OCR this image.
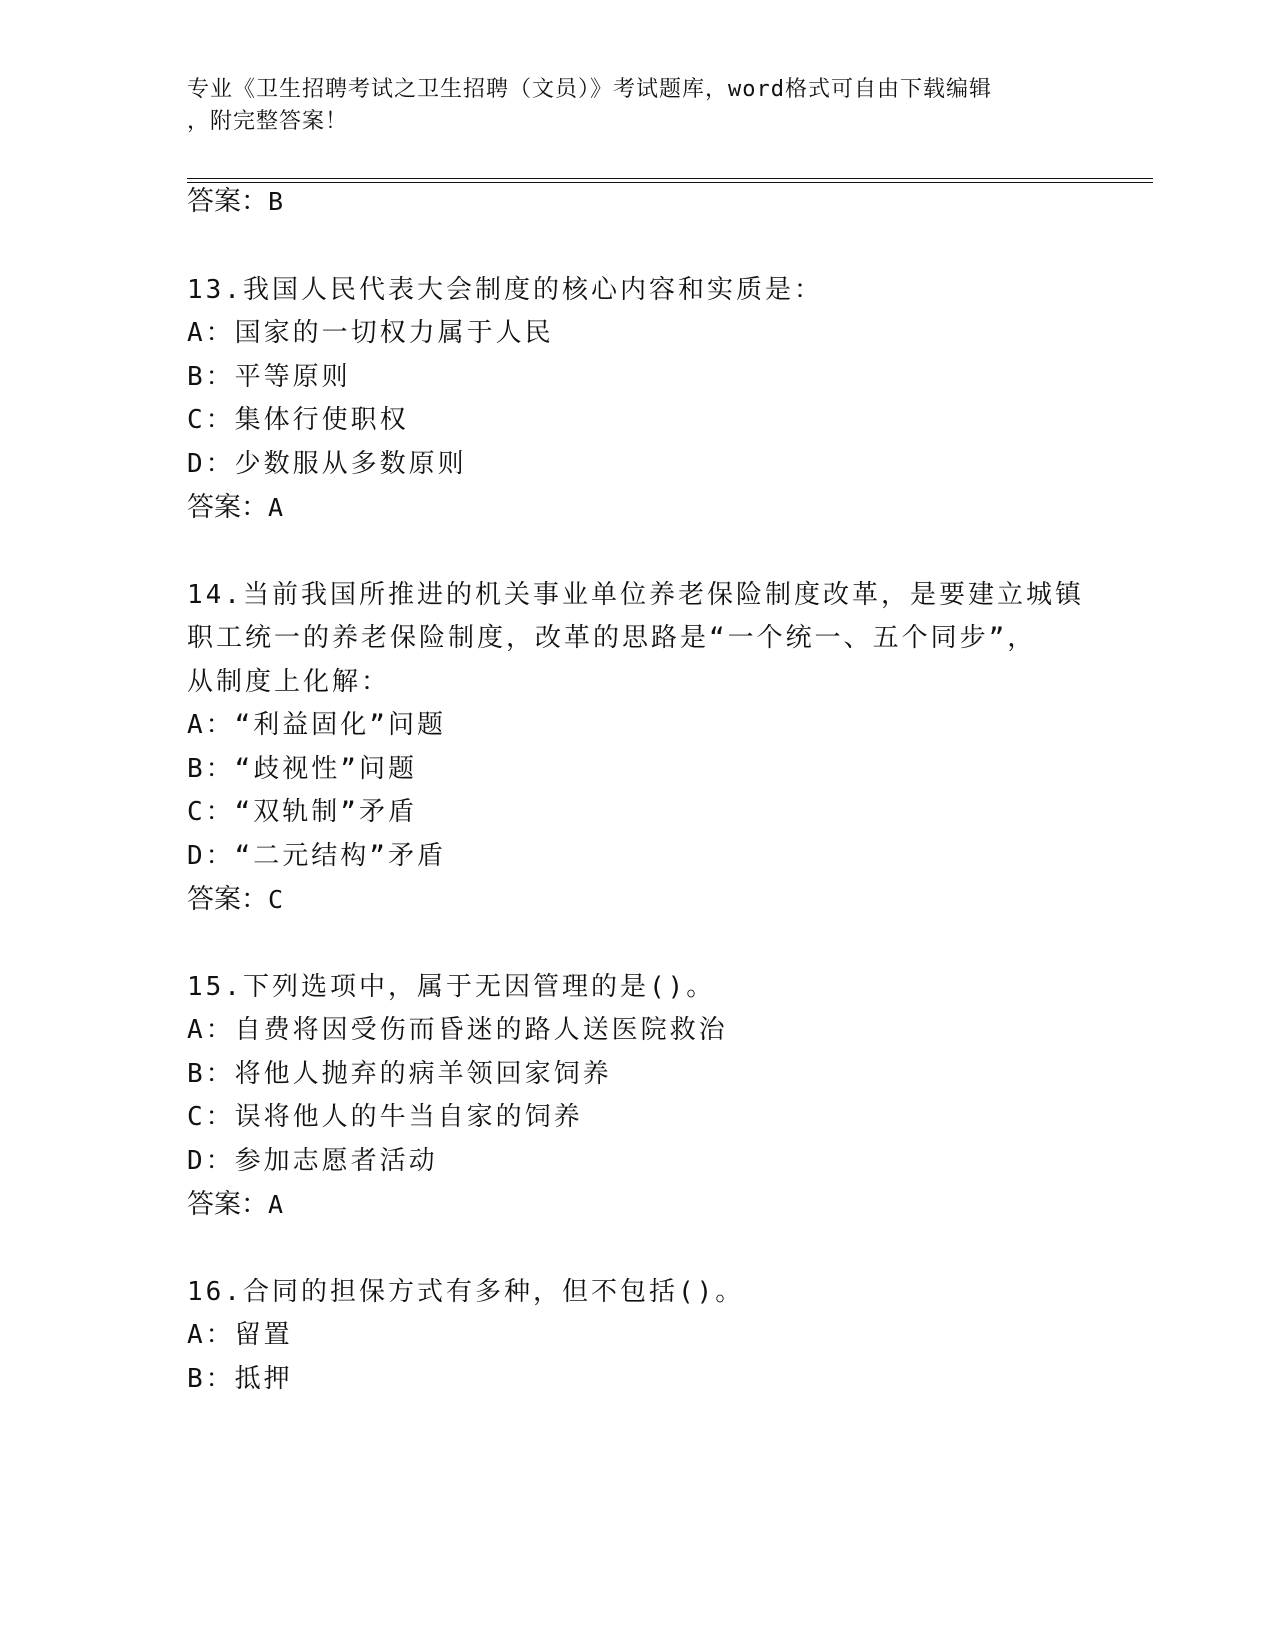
专业《卫生招聘考试之卫生招聘（文员）》考试题库，word格式可自由下载编辑
，附完整答案！
答案：B
13.我国人民代表大会制度的核心内容和实质是：
A：国家的一切权力属于人民
B：平等原则
C：集体行使职权
D：少数服从多数原则
答案：A
14.当前我国所推进的机关事业单位养老保险制度改革，是要建立城镇
职工统一的养老保险制度，改革的思路是“一个统一、五个同步”，
从制度上化解：
A：“利益固化”问题
B：“歧视性”问题
C：“双轨制”矛盾
D：“二元结构”矛盾
答案：C
15.下列选项中，属于无因管理的是()。
A：自费将因受伤而昏迷的路人送医院救治
B：将他人抛弃的病羊领回家饲养
C：误将他人的牛当自家的饲养
D：参加志愿者活动
答案：A
16.合同的担保方式有多种，但不包括()。
A：留置
B：抵押
